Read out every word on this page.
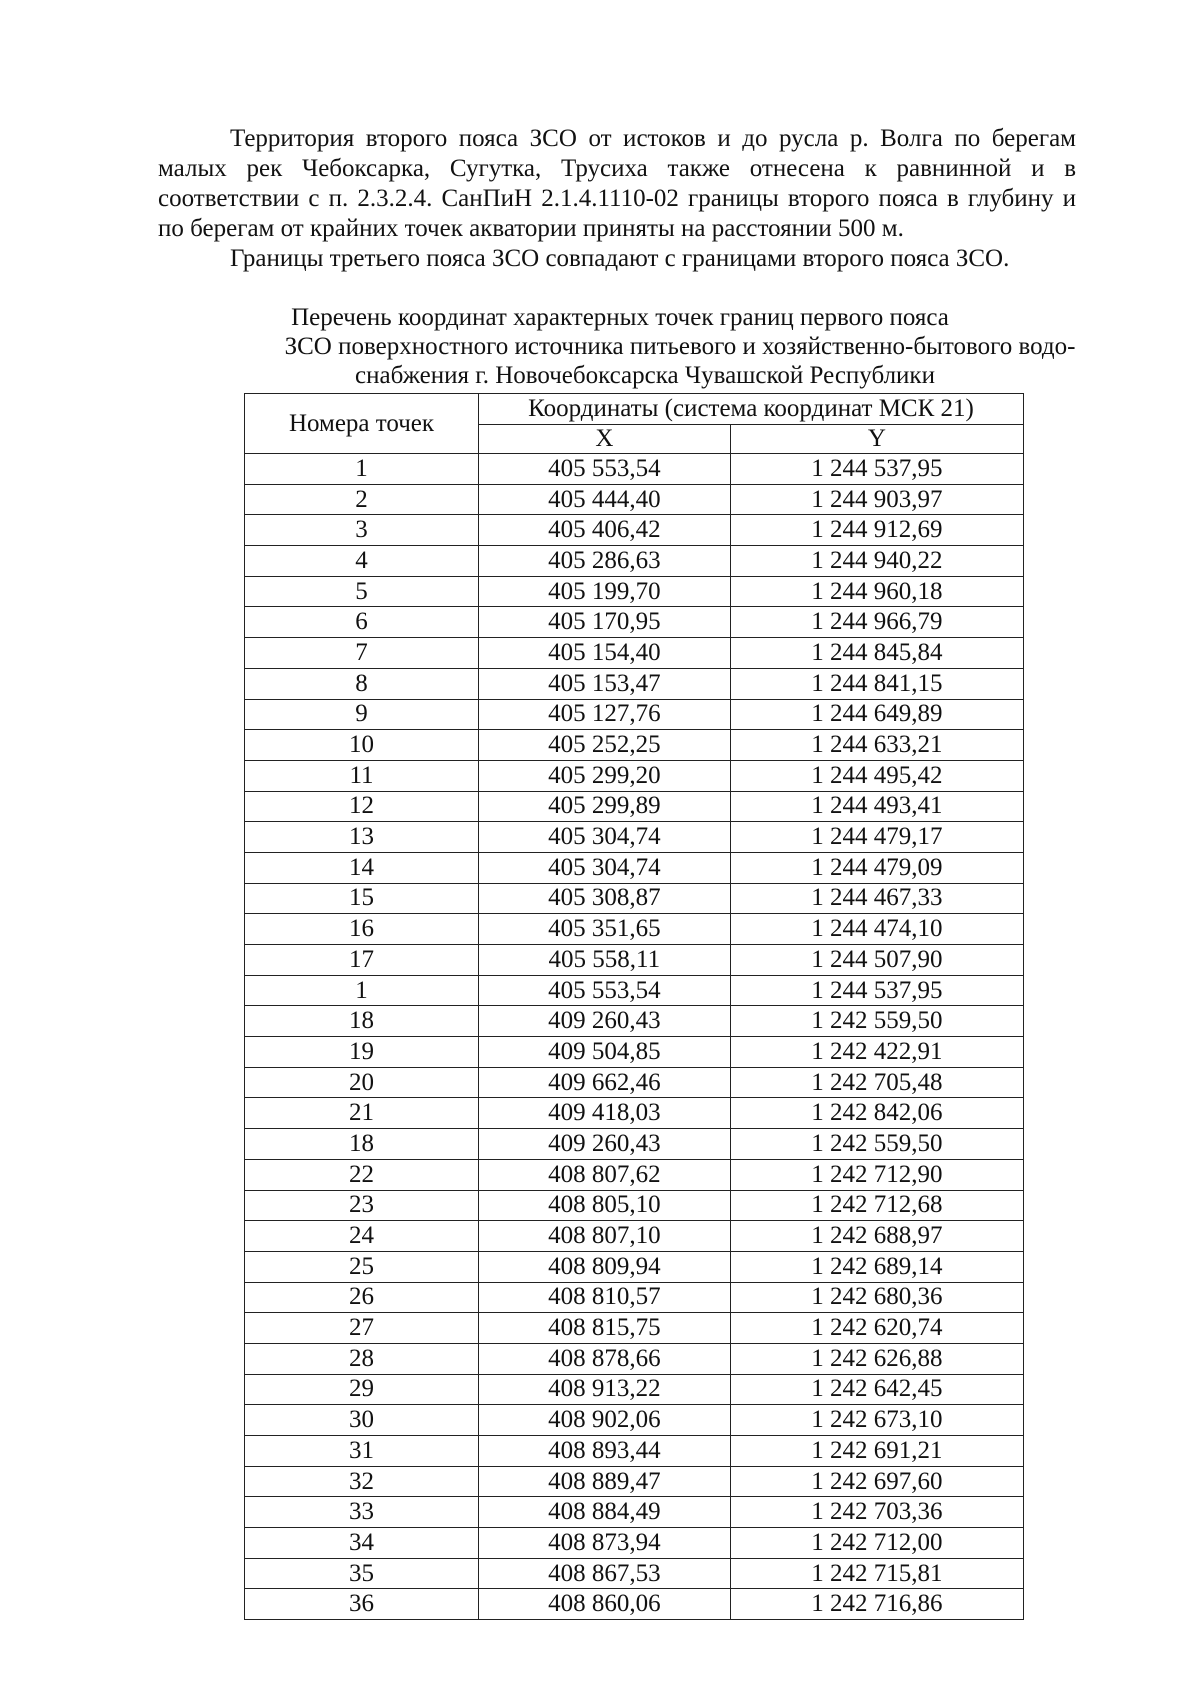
Территория второго пояса ЗСО от истоков и до русла р. Волга по берегам малых рек Чебоксарка, Сугутка, Трусиха также отнесена к равнинной и в соответствии с п. 2.3.2.4. СанПиН 2.1.4.1110-02 границы второго пояса в глубину и по берегам от крайних точек акватории приняты на расстоянии 500 м.

Границы третьего пояса ЗСО совпадают с границами второго пояса ЗСО.

Перечень координат характерных точек границ первого пояса
ЗСО поверхностного источника питьевого и хозяйственно-бытового водо-
снабжения г. Новочебоксарска Чувашской Республики
Номера точек	Координаты (система координат МСК 21)	
	X	Y
1	405 553,54	1 244 537,95
2	405 444,40	1 244 903,97
3	405 406,42	1 244 912,69
4	405 286,63	1 244 940,22
5	405 199,70	1 244 960,18
6	405 170,95	1 244 966,79
7	405 154,40	1 244 845,84
8	405 153,47	1 244 841,15
9	405 127,76	1 244 649,89
10	405 252,25	1 244 633,21
11	405 299,20	1 244 495,42
12	405 299,89	1 244 493,41
13	405 304,74	1 244 479,17
14	405 304,74	1 244 479,09
15	405 308,87	1 244 467,33
16	405 351,65	1 244 474,10
17	405 558,11	1 244 507,90
1	405 553,54	1 244 537,95
18	409 260,43	1 242 559,50
19	409 504,85	1 242 422,91
20	409 662,46	1 242 705,48
21	409 418,03	1 242 842,06
18	409 260,43	1 242 559,50
22	408 807,62	1 242 712,90
23	408 805,10	1 242 712,68
24	408 807,10	1 242 688,97
25	408 809,94	1 242 689,14
26	408 810,57	1 242 680,36
27	408 815,75	1 242 620,74
28	408 878,66	1 242 626,88
29	408 913,22	1 242 642,45
30	408 902,06	1 242 673,10
31	408 893,44	1 242 691,21
32	408 889,47	1 242 697,60
33	408 884,49	1 242 703,36
34	408 873,94	1 242 712,00
35	408 867,53	1 242 715,81
36	408 860,06	1 242 716,86
